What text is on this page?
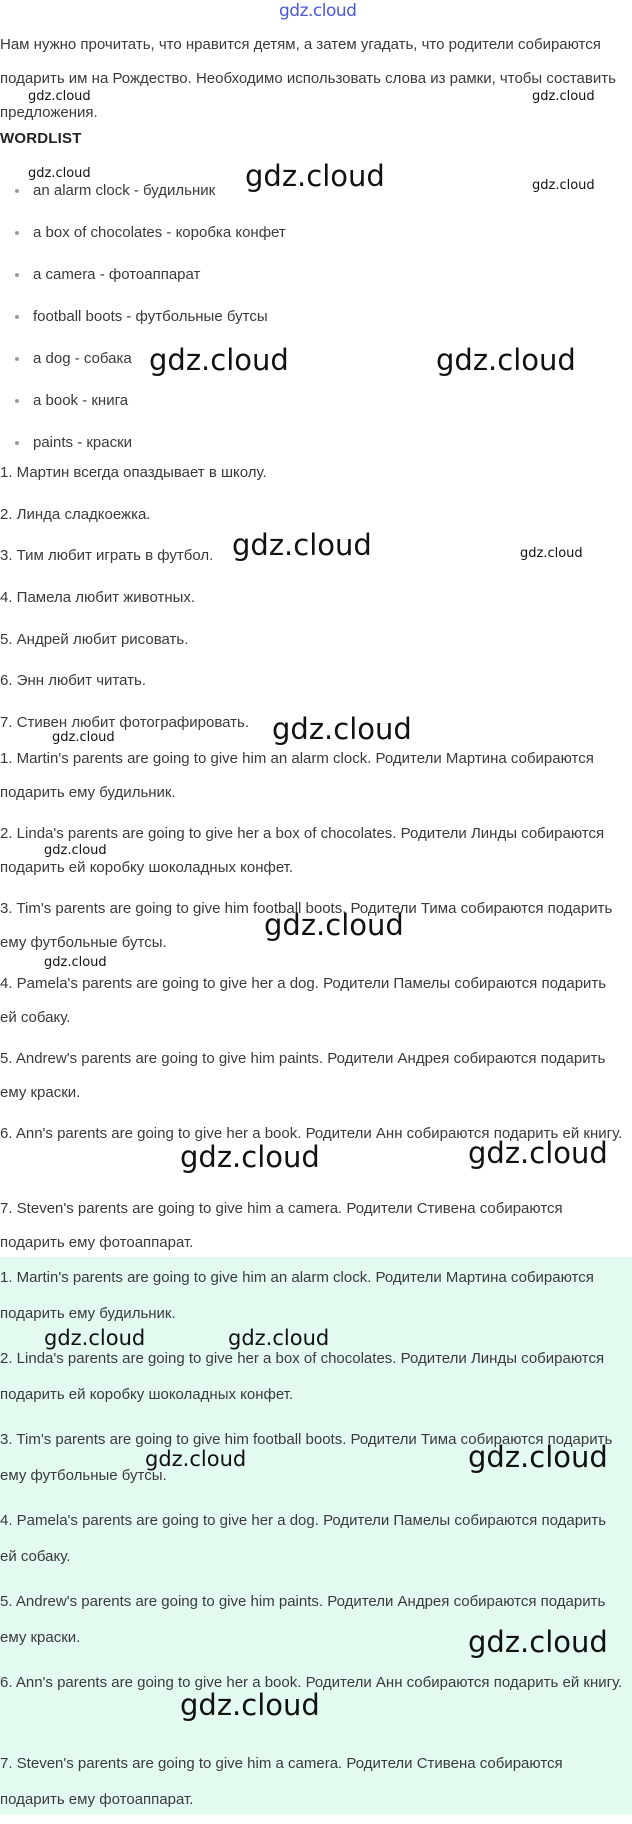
gdz.cloud
Нам нужно прочитать, что нравится детям, а затем угадать, что родители собираются подарить им на Рождество. Необходимо использовать слова из рамки, чтобы составить предложения.
WORDLIST
an alarm clock - будильник
a box of chocolates - коробка конфет
a camera - фотоаппарат
football boots - футбольные бутсы
a dog - собака
a book - книга
paints - краски
1. Мартин всегда опаздывает в школу.
2. Линда сладкоежка.
3. Тим любит играть в футбол.
4. Памела любит животных.
5. Андрей любит рисовать.
6. Энн любит читать.
7. Стивен любит фотографировать.
1. Martin's parents are going to give him an alarm clock. Родители Мартина собираются подарить ему будильник.
2. Linda's parents are going to give her a box of chocolates. Родители Линды собираются подарить ей коробку шоколадных конфет.
3. Tim's parents are going to give him football boots. Родители Тима собираются подарить ему футбольные бутсы.
4. Pamela's parents are going to give her a dog. Родители Памелы собираются подарить ей собаку.
5. Andrew's parents are going to give him paints. Родители Андрея собираются подарить ему краски.
6. Ann's parents are going to give her a book. Родители Анн собираются подарить ей книгу.
7. Steven's parents are going to give him a camera. Родители Стивена собираются подарить ему фотоаппарат.
1. Martin's parents are going to give him an alarm clock. Родители Мартина собираются подарить ему будильник.
2. Linda's parents are going to give her a box of chocolates. Родители Линды собираются подарить ей коробку шоколадных конфет.
3. Tim's parents are going to give him football boots. Родители Тима собираются подарить ему футбольные бутсы.
4. Pamela's parents are going to give her a dog. Родители Памелы собираются подарить ей собаку.
5. Andrew's parents are going to give him paints. Родители Андрея собираются подарить ему краски.
6. Ann's parents are going to give her a book. Родители Анн собираются подарить ей книгу.
7. Steven's parents are going to give him a camera. Родители Стивена собираются подарить ему фотоаппарат.
gdz.cloud	gdz.cloud
gdz.cloud	gdz.cloud	gdz.cloud
gdz.cloud	gdz.cloud
gdz.cloud	gdz.cloud
gdz.cloud	gdz.cloud
gdz.cloud
gdz.cloud
gdz.cloud
gdz.cloud	gdz.cloud
gdz.cloud	gdz.cloud
gdz.cloud	gdz.cloud
gdz.cloud
gdz.cloud
